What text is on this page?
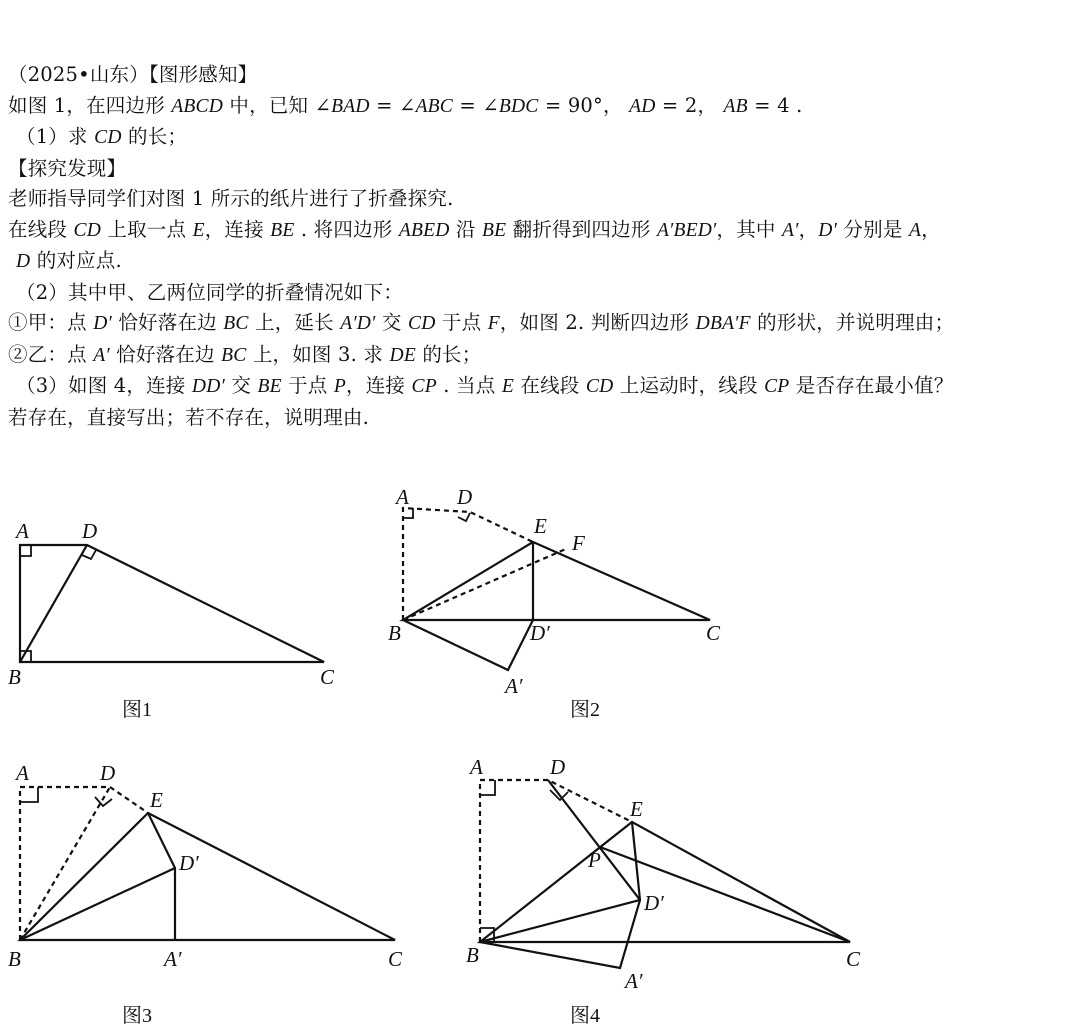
（2025•山东）【图形感知】
如图 1，在四边形 ABCD 中，已知 ∠BAD = ∠ABC = ∠BDC = 90°， AD = 2， AB = 4 .
（1）求 CD 的长；
【探究发现】
老师指导同学们对图 1 所示的纸片进行了折叠探究.
在线段 CD 上取一点 E，连接 BE . 将四边形 ABED 沿 BE 翻折得到四边形 A′BED′，其中 A′，D′ 分别是 A，
D 的对应点.
（2）其中甲、乙两位同学的折叠情况如下：
①甲：点 D′ 恰好落在边 BC 上，延长 A′D′ 交 CD 于点 F，如图 2. 判断四边形 DBA′F 的形状，并说明理由；
②乙：点 A′ 恰好落在边 BC 上，如图 3. 求 DE 的长；
（3）如图 4，连接 DD′ 交 BE 于点 P，连接 CP . 当点 E 在线段 CD 上运动时，线段 CP 是否存在最小值？
若存在，直接写出；若不存在，说明理由.
A	D
B	C
图1
A D
E
F
B	D′	C
A′
图2
A	D
E
D′
B	A′	C
图3
A	D
E
P
D′
B	C
A′
图4
